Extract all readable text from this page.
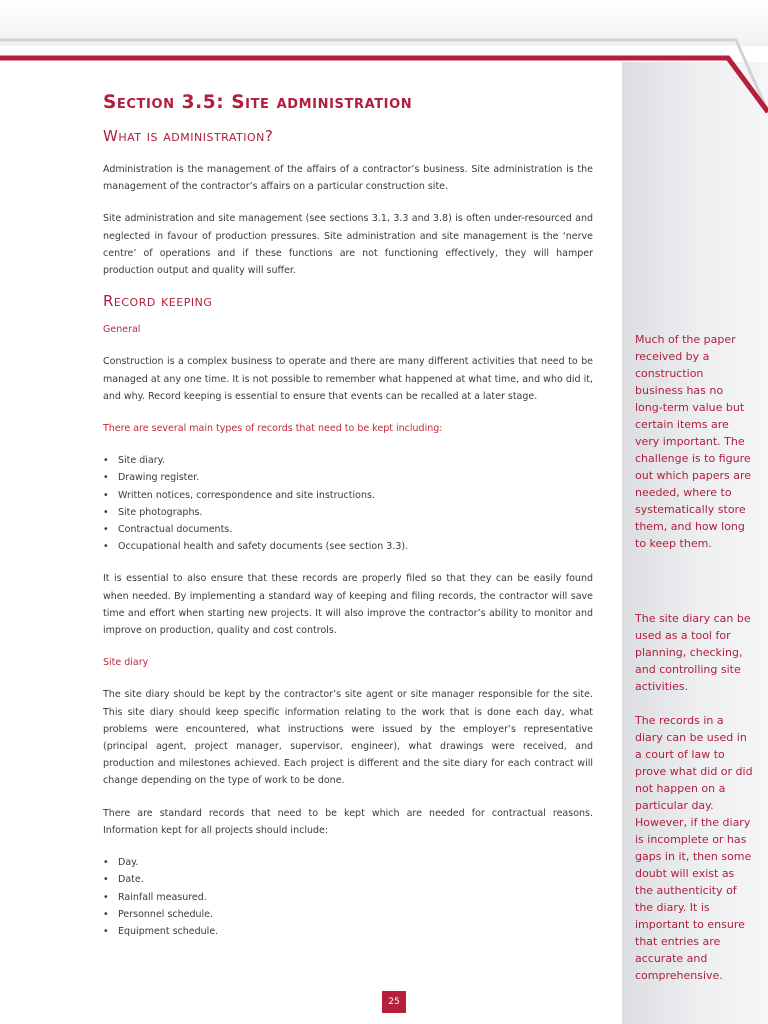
Section 3.5: Site administration
What is administration?

Administration is the management of the affairs of a contractor’s business. Site administration is the management of the contractor’s affairs on a particular construction site.

Site administration and site management (see sections 3.1, 3.3 and 3.8) is often under-resourced and neglected in favour of production pressures. Site administration and site management is the ‘nerve centre’ of operations and if these functions are not functioning effectively, they will hamper production output and quality will suffer.

Record keeping
General

Construction is a complex business to operate and there are many different activities that need to be managed at any one time. It is not possible to remember what happened at what time, and who did it, and why. Record keeping is essential to ensure that events can be recalled at a later stage.

There are several main types of records that need to be kept including:
• Site diary.
• Drawing register.
• Written notices, correspondence and site instructions.
• Site photographs.
• Contractual documents.
• Occupational health and safety documents (see section 3.3).

It is essential to also ensure that these records are properly filed so that they can be easily found when needed. By implementing a standard way of keeping and filing records, the contractor will save time and effort when starting new projects. It will also improve the contractor’s ability to monitor and improve on production, quality and cost controls.

Site diary

The site diary should be kept by the contractor’s site agent or site manager responsible for the site. This site diary should keep specific information relating to the work that is done each day, what problems were encountered, what instructions were issued by the employer’s representative (principal agent, project manager, supervisor, engineer), what drawings were received, and production and milestones achieved. Each project is different and the site diary for each contract will change depending on the type of work to be done.

There are standard records that need to be kept which are needed for contractual reasons. Information kept for all projects should include:

• Day.
• Date.
• Rainfall measured.
• Personnel schedule.
• Equipment schedule.
Much of the paper received by a construction business has no long-term value but certain items are very important. The challenge is to figure out which papers are needed, where to systematically store them, and how long to keep them.
The site diary can be used as a tool for planning, checking, and controlling site activities.
The records in a diary can be used in a court of law to prove what did or did not happen on a particular day. However, if the diary is incomplete or has gaps in it, then some doubt will exist as the authenticity of the diary. It is important to ensure that entries are accurate and comprehensive.
25
